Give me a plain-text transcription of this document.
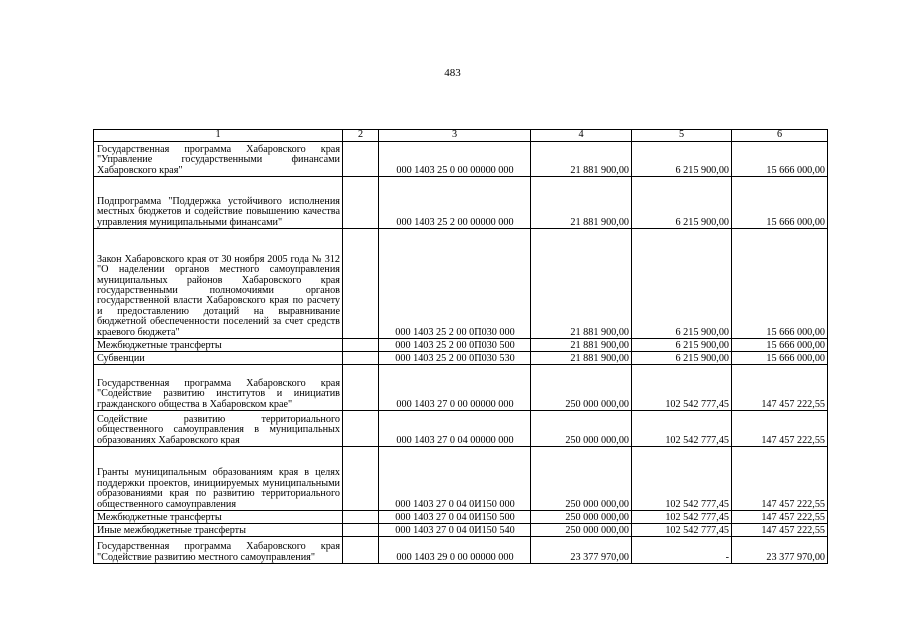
483
1	2	3	4	5	6
Государственная программа Хабаровского края "Управление государственными финансами Хабаровского края"		000 1403 25 0 00 00000 000	21 881 900,00	6 215 900,00	15 666 000,00
Подпрограмма "Поддержка устойчивого исполнения местных бюджетов и содействие повышению качества управления муниципальными финансами"		000 1403 25 2 00 00000 000	21 881 900,00	6 215 900,00	15 666 000,00
Закон Хабаровского края от 30 ноября 2005 года № 312 "О наделении органов местного самоуправления муниципальных районов Хабаровского края государственными полномочиями органов государственной власти Хабаровского края по расчету и предоставлению дотаций на выравнивание бюджетной обеспеченности поселений за счет средств краевого бюджета"		000 1403 25 2 00 0П030 000	21 881 900,00	6 215 900,00	15 666 000,00
Межбюджетные трансферты		000 1403 25 2 00 0П030 500	21 881 900,00	6 215 900,00	15 666 000,00
Субвенции		000 1403 25 2 00 0П030 530	21 881 900,00	6 215 900,00	15 666 000,00
Государственная программа Хабаровского края "Содействие развитию институтов и инициатив гражданского общества в Хабаровском крае"		000 1403 27 0 00 00000 000	250 000 000,00	102 542 777,45	147 457 222,55
Содействие развитию территориального общественного самоуправления в муниципальных образованиях Хабаровского края		000 1403 27 0 04 00000 000	250 000 000,00	102 542 777,45	147 457 222,55
Гранты муниципальным образованиям края в целях поддержки проектов, инициируемых муниципальными образованиями края по развитию территориального общественного самоуправления		000 1403 27 0 04 0И150 000	250 000 000,00	102 542 777,45	147 457 222,55
Межбюджетные трансферты		000 1403 27 0 04 0И150 500	250 000 000,00	102 542 777,45	147 457 222,55
Иные межбюджетные трансферты		000 1403 27 0 04 0И150 540	250 000 000,00	102 542 777,45	147 457 222,55
Государственная программа Хабаровского края "Содействие развитию местного самоуправления"		000 1403 29 0 00 00000 000	23 377 970,00	-	23 377 970,00
